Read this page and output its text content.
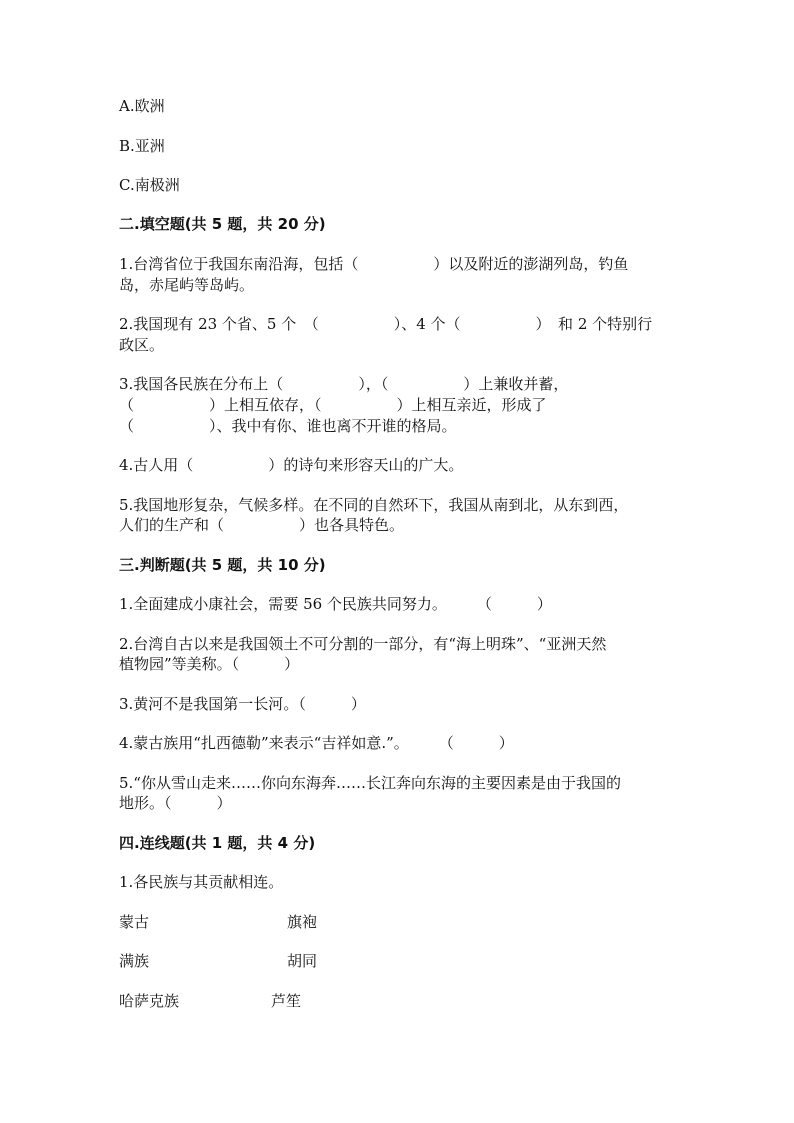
A.欧洲
B.亚洲
C.南极洲
二.填空题(共 5 题，共 20 分)
1.台湾省位于我国东南沿海，包括（　　　　　）以及附近的澎湖列岛，钓鱼
岛，赤尾屿等岛屿。
2.我国现有 23 个省、5 个　（　　　　　）、4 个（　　　　　）　和 2 个特别行
政区。
3.我国各民族在分布上（　　　　　），（　　　　　）上兼收并蓄，
（　　　　　）上相互依存，（　　　　　）上相互亲近，形成了
（　　　　　）、我中有你、谁也离不开谁的格局。
4.古人用（　　　　　）的诗句来形容天山的广大。
5.我国地形复杂，气候多样。在不同的自然环下，我国从南到北，从东到西，
人们的生产和（　　　　　）也各具特色。
三.判断题(共 5 题，共 10 分)
1.全面建成小康社会，需要 56 个民族共同努力。　　　（　　　）
2.台湾自古以来是我国领土不可分割的一部分，有“海上明珠”、“亚洲天然
植物园”等美称。（　　　）
3.黄河不是我国第一长河。（　　　）
4.蒙古族用“扎西德勒”来表示“吉祥如意.”。　　　（　　　）
5.“你从雪山走来……你向东海奔……长江奔向东海的主要因素是由于我国的
地形。（　　　）
四.连线题(共 1 题，共 4 分)
1.各民族与其贡献相连。
蒙古	旗袍
满族	胡同
哈萨克族	芦笙
